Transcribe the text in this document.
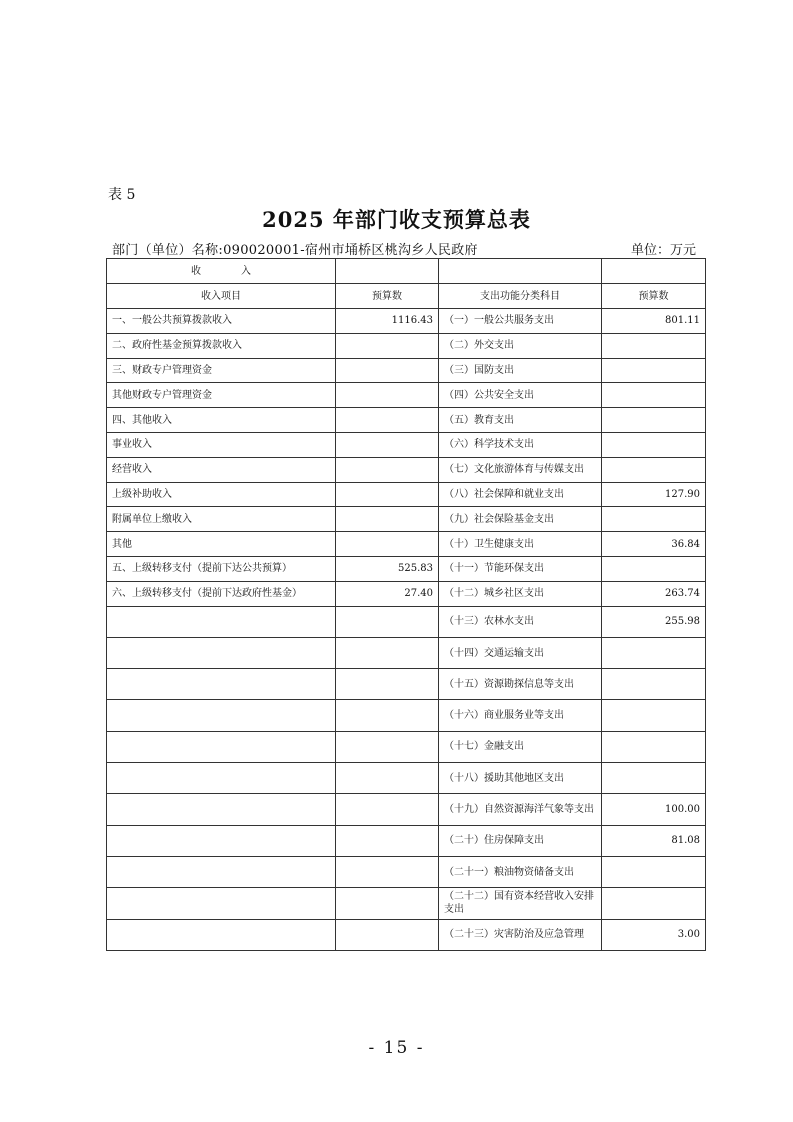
表 5
2025 年部门收支预算总表
部门（单位）名称:090020001-宿州市埇桥区桃沟乡人民政府	单位：万元
收　　　　入			
收入项目	预算数	支出功能分类科目	预算数
一、一般公共预算拨款收入	1116.43	（一）一般公共服务支出	801.11
二、政府性基金预算拨款收入		（二）外交支出	
三、财政专户管理资金		（三）国防支出	
其他财政专户管理资金		（四）公共安全支出	
四、其他收入		（五）教育支出	
事业收入		（六）科学技术支出	
经营收入		（七）文化旅游体育与传媒支出	
上级补助收入		（八）社会保障和就业支出	127.90
附属单位上缴收入		（九）社会保险基金支出	
其他		（十）卫生健康支出	36.84
五、上级转移支付（提前下达公共预算）	525.83	（十一）节能环保支出	
六、上级转移支付（提前下达政府性基金）	27.40	（十二）城乡社区支出	263.74
		（十三）农林水支出	255.98
		（十四）交通运输支出	
		（十五）资源勘探信息等支出	
		（十六）商业服务业等支出	
		（十七）金融支出	
		（十八）援助其他地区支出	
		（十九）自然资源海洋气象等支出	100.00
		（二十）住房保障支出	81.08
		（二十一）粮油物资储备支出	
		（二十二）国有资本经营收入安排支出	
		（二十三）灾害防治及应急管理	3.00
- 15 -
